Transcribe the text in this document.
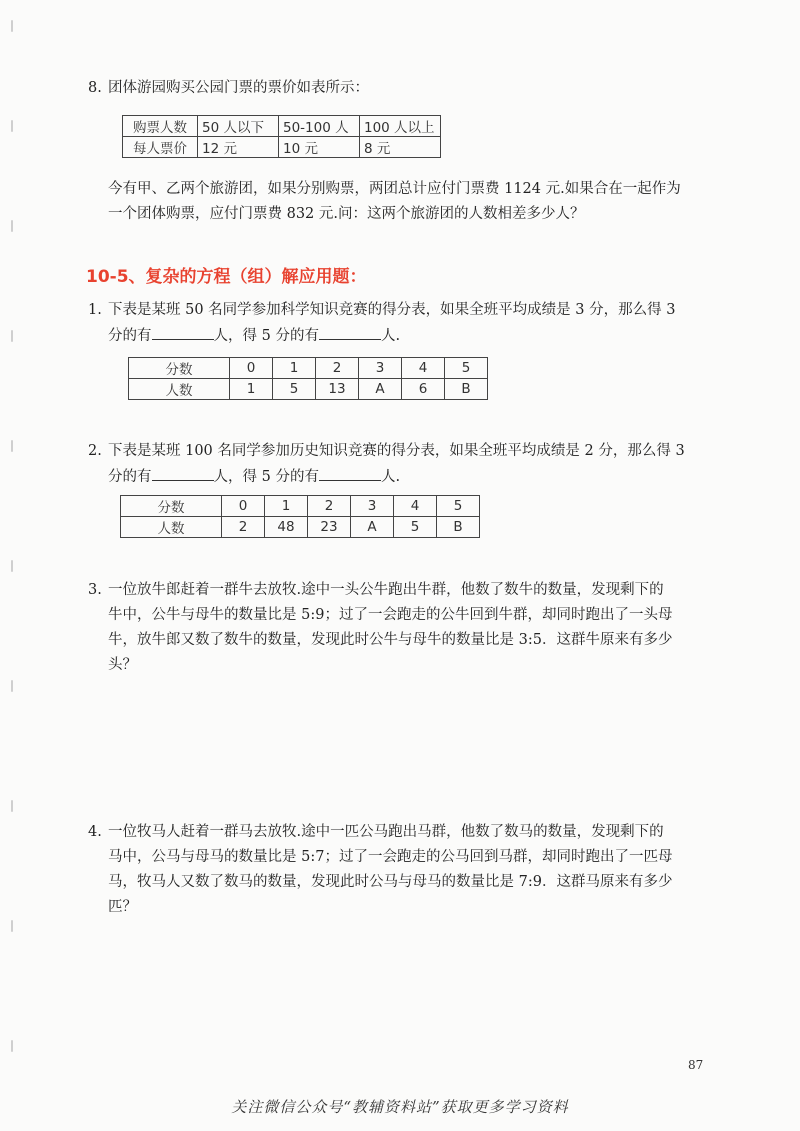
8. 团体游园购买公园门票的票价如表所示：
购票人数	50 人以下	50-100 人	100 人以上
每人票价	12 元	10 元	8 元
今有甲、乙两个旅游团，如果分别购票，两团总计应付门票费 1124 元.如果合在一起作为
一个团体购票，应付门票费 832 元.问：这两个旅游团的人数相差多少人？
10-5、复杂的方程（组）解应用题：
1. 下表是某班 50 名同学参加科学知识竞赛的得分表，如果全班平均成绩是 3 分，那么得 3
分的有	人，得 5 分的有	人.
分数	0	1	2	3	4	5
人数	1	5	13	A	6	B
2. 下表是某班 100 名同学参加历史知识竞赛的得分表，如果全班平均成绩是 2 分，那么得 3
分的有	人，得 5 分的有	人.
分数	0	1	2	3	4	5
人数	2	48	23	A	5	B
3. 一位放牛郎赶着一群牛去放牧.途中一头公牛跑出牛群，他数了数牛的数量，发现剩下的
牛中，公牛与母牛的数量比是 5:9；过了一会跑走的公牛回到牛群，却同时跑出了一头母
牛，放牛郎又数了数牛的数量，发现此时公牛与母牛的数量比是 3:5．这群牛原来有多少
头？
4. 一位牧马人赶着一群马去放牧.途中一匹公马跑出马群，他数了数马的数量，发现剩下的
马中，公马与母马的数量比是 5:7；过了一会跑走的公马回到马群，却同时跑出了一匹母
马，牧马人又数了数马的数量，发现此时公马与母马的数量比是 7:9．这群马原来有多少
匹？
87
关注微信公众号“教辅资料站”获取更多学习资料
